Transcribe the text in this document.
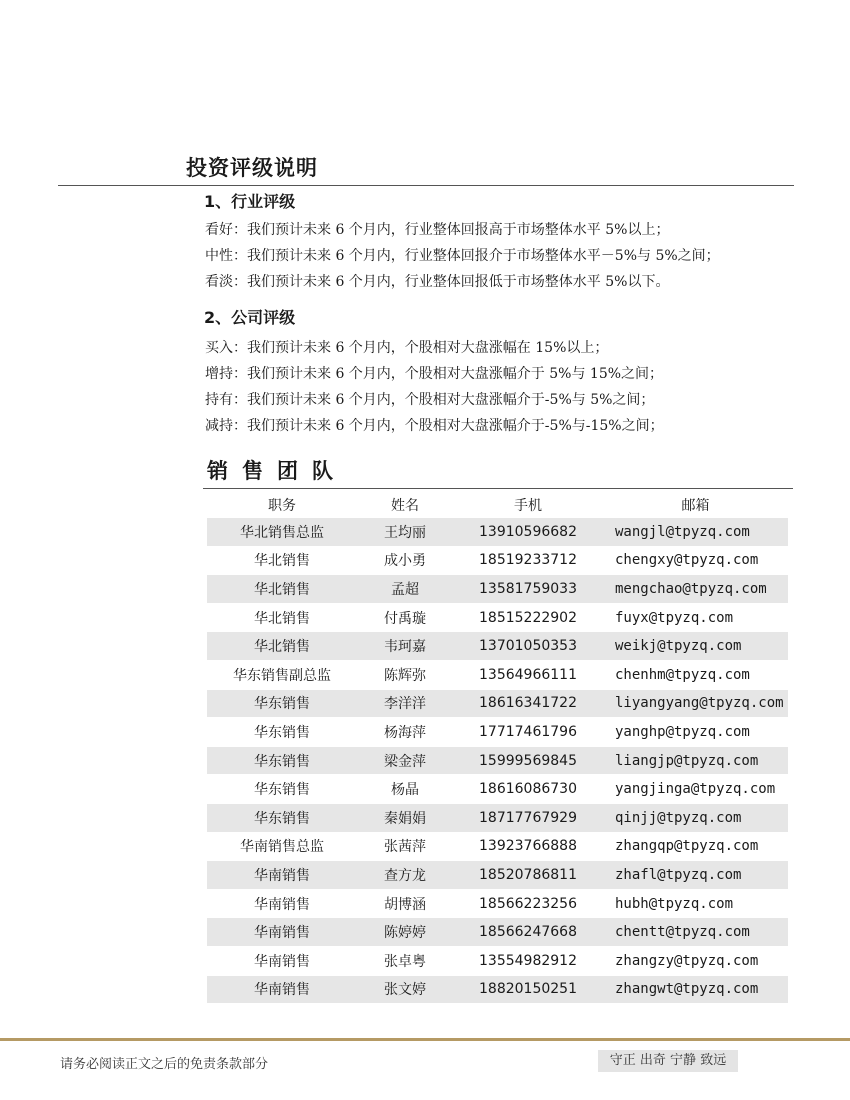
投资评级说明
1、行业评级
看好：我们预计未来 6 个月内，行业整体回报高于市场整体水平 5%以上；
中性：我们预计未来 6 个月内，行业整体回报介于市场整体水平－5%与 5%之间；
看淡：我们预计未来 6 个月内，行业整体回报低于市场整体水平 5%以下。
2、公司评级
买入：我们预计未来 6 个月内，个股相对大盘涨幅在 15%以上；
增持：我们预计未来 6 个月内，个股相对大盘涨幅介于 5%与 15%之间；
持有：我们预计未来 6 个月内，个股相对大盘涨幅介于-5%与 5%之间；
减持：我们预计未来 6 个月内，个股相对大盘涨幅介于-5%与-15%之间；
销售团队
职务	姓名	手机	邮箱
华北销售总监	王均丽	13910596682	wangjl@tpyzq.com
华北销售	成小勇	18519233712	chengxy@tpyzq.com
华北销售	孟超	13581759033	mengchao@tpyzq.com
华北销售	付禹璇	18515222902	fuyx@tpyzq.com
华北销售	韦珂嘉	13701050353	weikj@tpyzq.com
华东销售副总监	陈辉弥	13564966111	chenhm@tpyzq.com
华东销售	李洋洋	18616341722	liyangyang@tpyzq.com
华东销售	杨海萍	17717461796	yanghp@tpyzq.com
华东销售	梁金萍	15999569845	liangjp@tpyzq.com
华东销售	杨晶	18616086730	yangjinga@tpyzq.com
华东销售	秦娟娟	18717767929	qinjj@tpyzq.com
华南销售总监	张茜萍	13923766888	zhangqp@tpyzq.com
华南销售	查方龙	18520786811	zhafl@tpyzq.com
华南销售	胡博涵	18566223256	hubh@tpyzq.com
华南销售	陈婷婷	18566247668	chentt@tpyzq.com
华南销售	张卓粤	13554982912	zhangzy@tpyzq.com
华南销售	张文婷	18820150251	zhangwt@tpyzq.com
请务必阅读正文之后的免责条款部分	守正 出奇 宁静 致远
